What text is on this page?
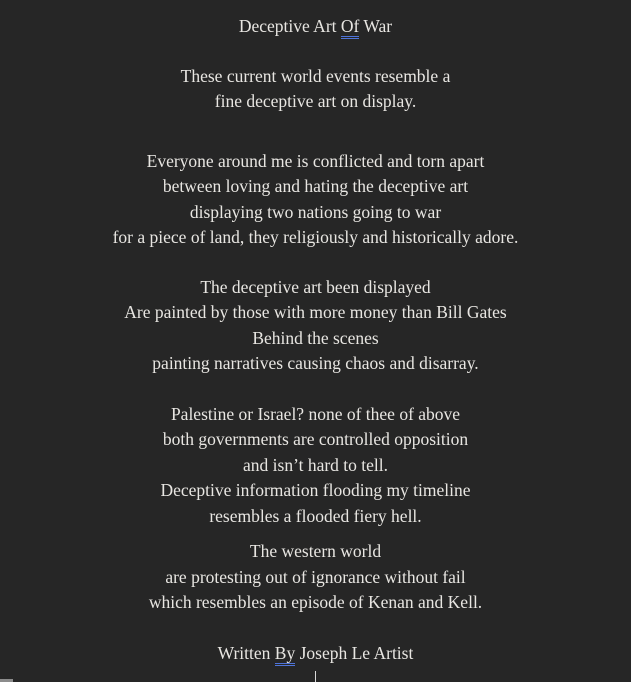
Deceptive Art Of War

These current world events resemble a

fine deceptive art on display.

Everyone around me is conflicted and torn apart

between loving and hating the deceptive art

displaying two nations going to war

for a piece of land, they religiously and historically adore.

The deceptive art been displayed

Are painted by those with more money than Bill Gates

Behind the scenes

painting narratives causing chaos and disarray.

Palestine or Israel? none of thee of above

both governments are controlled opposition

and isn’t hard to tell.

Deceptive information flooding my timeline

resembles a flooded fiery hell.

The western world

are protesting out of ignorance without fail

which resembles an episode of Kenan and Kell.

Written By Joseph Le Artist
